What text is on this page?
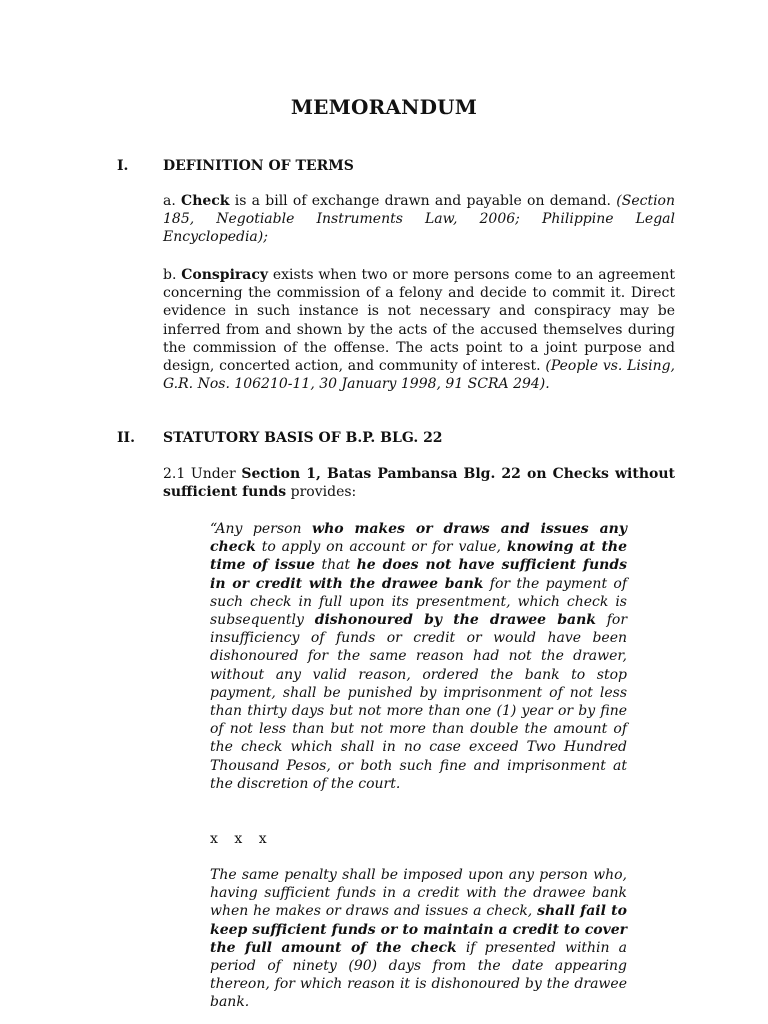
MEMORANDUM
I. DEFINITION OF TERMS
a. Check is a bill of exchange drawn and payable on demand. (Section 185, Negotiable Instruments Law, 2006; Philippine Legal Encyclopedia);
b. Conspiracy exists when two or more persons come to an agreement concerning the commission of a felony and decide to commit it. Direct evidence in such instance is not necessary and conspiracy may be inferred from and shown by the acts of the accused themselves during the commission of the offense. The acts point to a joint purpose and design, concerted action, and community of interest. (People vs. Lising, G.R. Nos. 106210-11, 30 January 1998, 91 SCRA 294).
II. STATUTORY BASIS OF B.P. BLG. 22
2.1 Under Section 1, Batas Pambansa Blg. 22 on Checks without sufficient funds provides:
“Any person who makes or draws and issues any check to apply on account or for value, knowing at the time of issue that he does not have sufficient funds in or credit with the drawee bank for the payment of such check in full upon its presentment, which check is subsequently dishonoured by the drawee bank for insufficiency of funds or credit or would have been dishonoured for the same reason had not the drawer, without any valid reason, ordered the bank to stop payment, shall be punished by imprisonment of not less than thirty days but not more than one (1) year or by fine of not less than but not more than double the amount of the check which shall in no case exceed Two Hundred Thousand Pesos, or both such fine and imprisonment at the discretion of the court.
x x x
The same penalty shall be imposed upon any person who, having sufficient funds in a credit with the drawee bank when he makes or draws and issues a check, shall fail to keep sufficient funds or to maintain a credit to cover the full amount of the check if presented within a period of ninety (90) days from the date appearing thereon, for which reason it is dishonoured by the drawee bank.
